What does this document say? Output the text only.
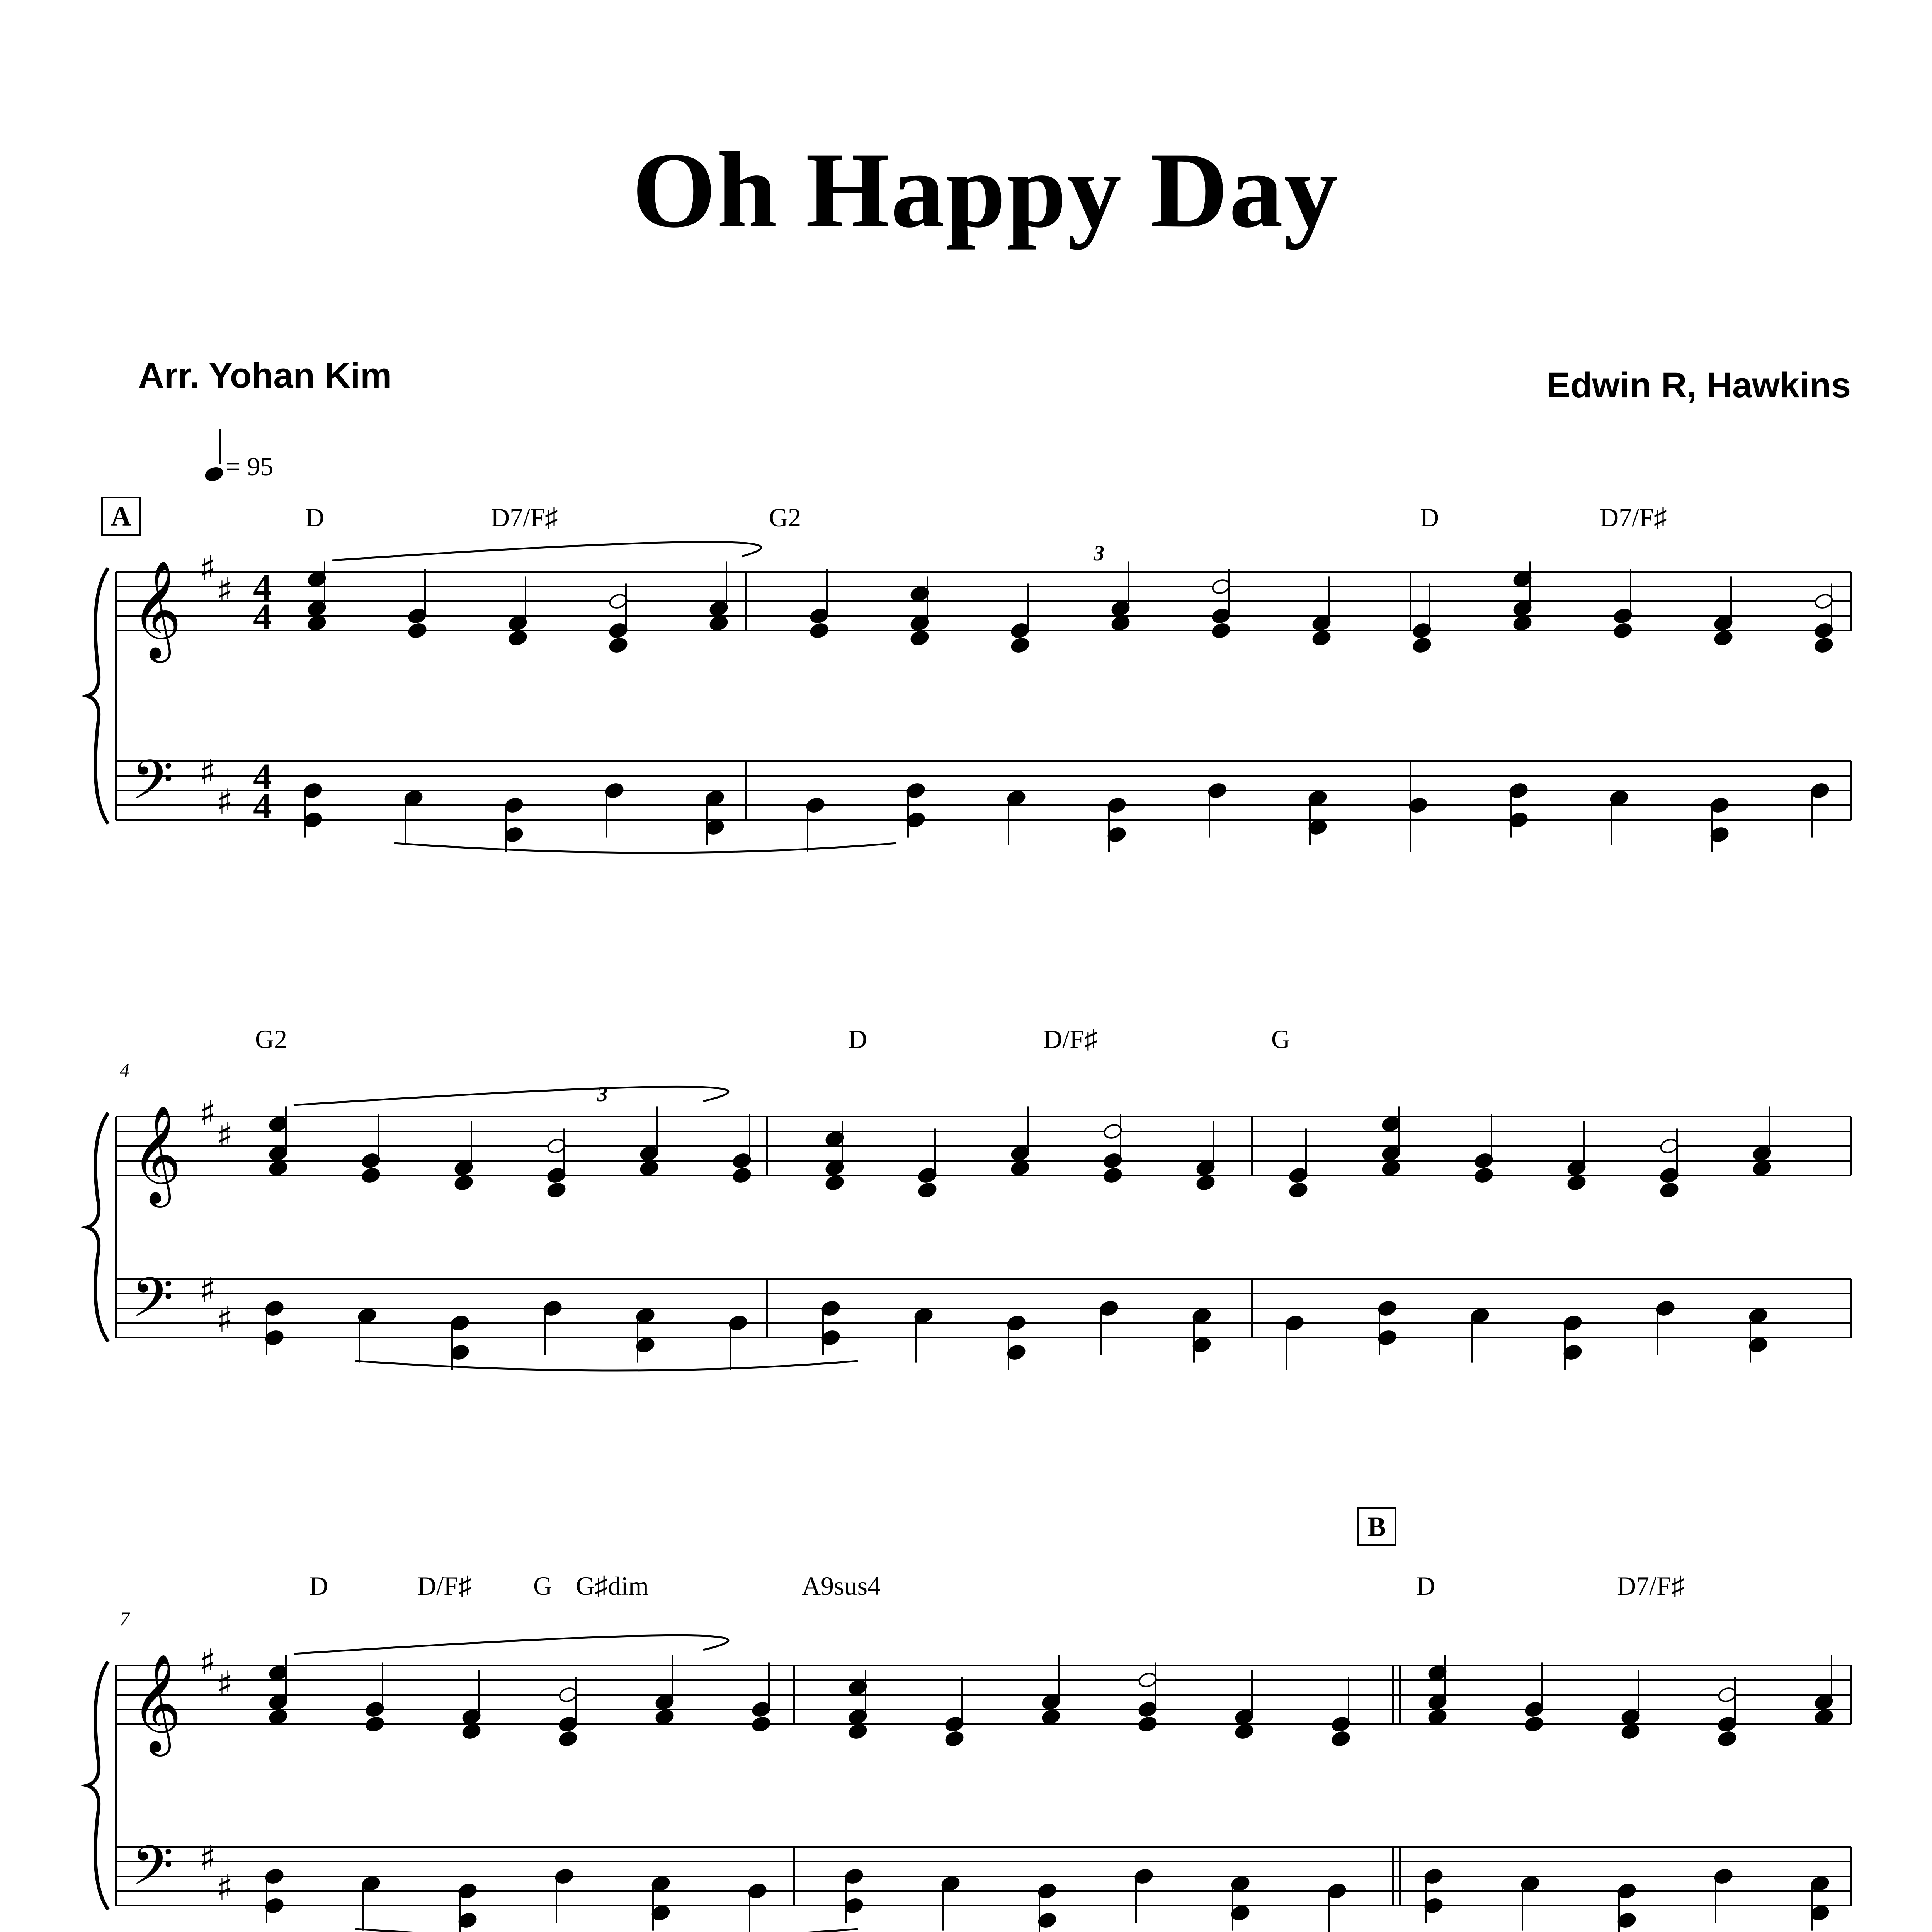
Oh Happy Day
Arr. Yohan Kim	Edwin R, Hawkins
= 95
A
B
D	D7/F♯	G2	D	D7/F♯
4
G2	D	D/F♯	G
7
D	D/F♯ G G♯dim	A9sus4	D	D7/F♯
𝄞
𝄢
♯
♯
♯
♯
4
4
4
4
3
𝄞
𝄢
♯
♯
♯
♯
3
𝄞
𝄢
♯
♯
♯
♯
